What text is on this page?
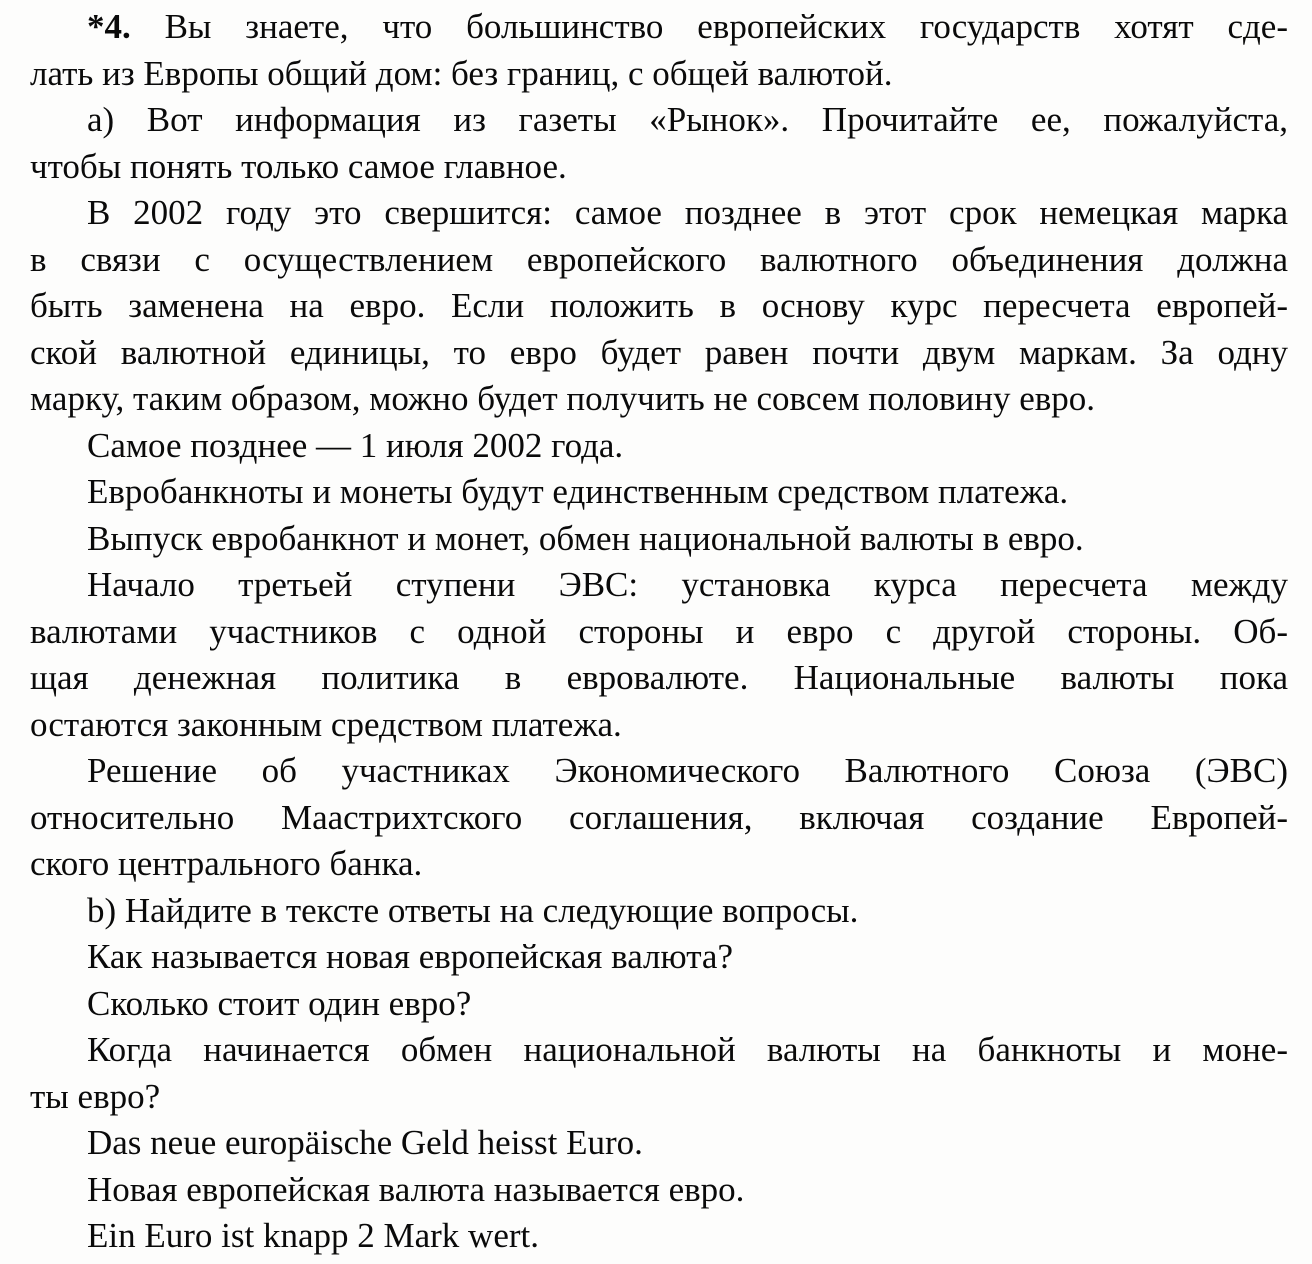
*4. Вы знаете, что большинство европейских государств хотят сде-
лать из Европы общий дом: без границ, с общей валютой.
а) Вот информация из газеты «Рынок». Прочитайте ее, пожалуйста,
чтобы понять только самое главное.
В 2002 году это свершится: самое позднее в этот срок немецкая марка
в связи с осуществлением европейского валютного объединения должна
быть заменена на евро. Если положить в основу курс пересчета европей-
ской валютной единицы, то евро будет равен почти двум маркам. За одну
марку, таким образом, можно будет получить не совсем половину евро.
Самое позднее — 1 июля 2002 года.
Евробанкноты и монеты будут единственным средством платежа.
Выпуск евробанкнот и монет, обмен национальной валюты в евро.
Начало третьей ступени ЭВС: установка курса пересчета между
валютами участников с одной стороны и евро с другой стороны. Об-
щая денежная политика в евровалюте. Национальные валюты пока
остаются законным средством платежа.
Решение об участниках Экономического Валютного Союза (ЭВС)
относительно Маастрихтского соглашения, включая создание Европей-
ского центрального банка.
b) Найдите в тексте ответы на следующие вопросы.
Как называется новая европейская валюта?
Сколько стоит один евро?
Когда начинается обмен национальной валюты на банкноты и моне-
ты евро?
Das neue europäische Geld heisst Euro.
Новая европейская валюта называется евро.
Ein Euro ist knapp 2 Mark wert.
